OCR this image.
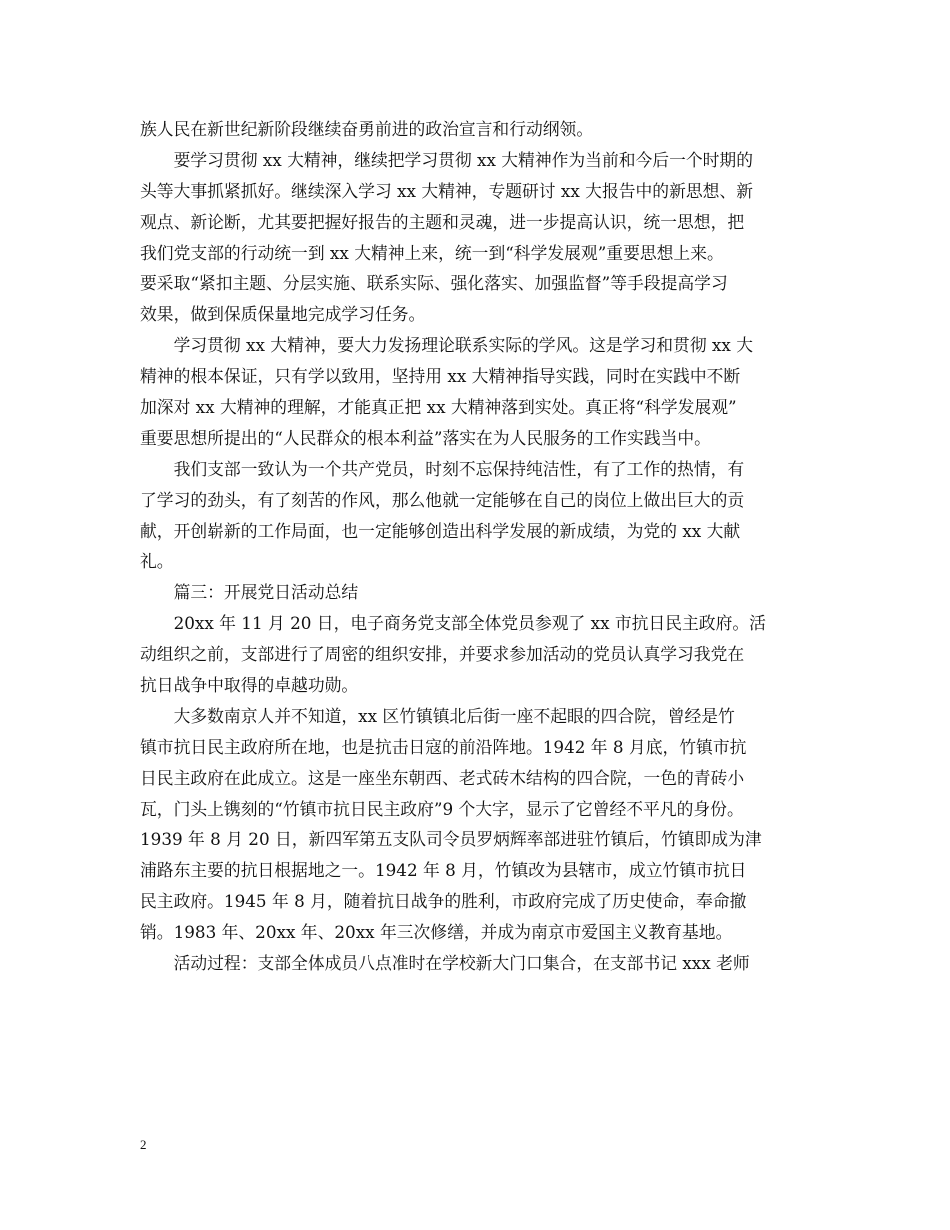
族人民在新世纪新阶段继续奋勇前进的政治宣言和行动纲领。
　　要学习贯彻 xx 大精神，继续把学习贯彻 xx 大精神作为当前和今后一个时期的
头等大事抓紧抓好。继续深入学习 xx 大精神，专题研讨 xx 大报告中的新思想、新
观点、新论断，尤其要把握好报告的主题和灵魂，进一步提高认识，统一思想，把
我们党支部的行动统一到 xx 大精神上来，统一到“科学发展观”重要思想上来。
要采取“紧扣主题、分层实施、联系实际、强化落实、加强监督”等手段提高学习
效果，做到保质保量地完成学习任务。
　　学习贯彻 xx 大精神，要大力发扬理论联系实际的学风。这是学习和贯彻 xx 大
精神的根本保证，只有学以致用，坚持用 xx 大精神指导实践，同时在实践中不断
加深对 xx 大精神的理解，才能真正把 xx 大精神落到实处。真正将“科学发展观”
重要思想所提出的“人民群众的根本利益”落实在为人民服务的工作实践当中。
　　我们支部一致认为一个共产党员，时刻不忘保持纯洁性，有了工作的热情，有
了学习的劲头，有了刻苦的作风，那么他就一定能够在自己的岗位上做出巨大的贡
献，开创崭新的工作局面，也一定能够创造出科学发展的新成绩，为党的 xx 大献
礼。
　　篇三：开展党日活动总结
　　20xx 年 11 月 20 日，电子商务党支部全体党员参观了 xx 市抗日民主政府。活
动组织之前，支部进行了周密的组织安排，并要求参加活动的党员认真学习我党在
抗日战争中取得的卓越功勋。
　　大多数南京人并不知道，xx 区竹镇镇北后街一座不起眼的四合院，曾经是竹
镇市抗日民主政府所在地，也是抗击日寇的前沿阵地。1942 年 8 月底，竹镇市抗
日民主政府在此成立。这是一座坐东朝西、老式砖木结构的四合院，一色的青砖小
瓦，门头上镌刻的“竹镇市抗日民主政府”9 个大字，显示了它曾经不平凡的身份。
1939 年 8 月 20 日，新四军第五支队司令员罗炳辉率部进驻竹镇后，竹镇即成为津
浦路东主要的抗日根据地之一。1942 年 8 月，竹镇改为县辖市，成立竹镇市抗日
民主政府。1945 年 8 月，随着抗日战争的胜利，市政府完成了历史使命，奉命撤
销。1983 年、20xx 年、20xx 年三次修缮，并成为南京市爱国主义教育基地。
　　活动过程：支部全体成员八点准时在学校新大门口集合，在支部书记 xxx 老师
2
